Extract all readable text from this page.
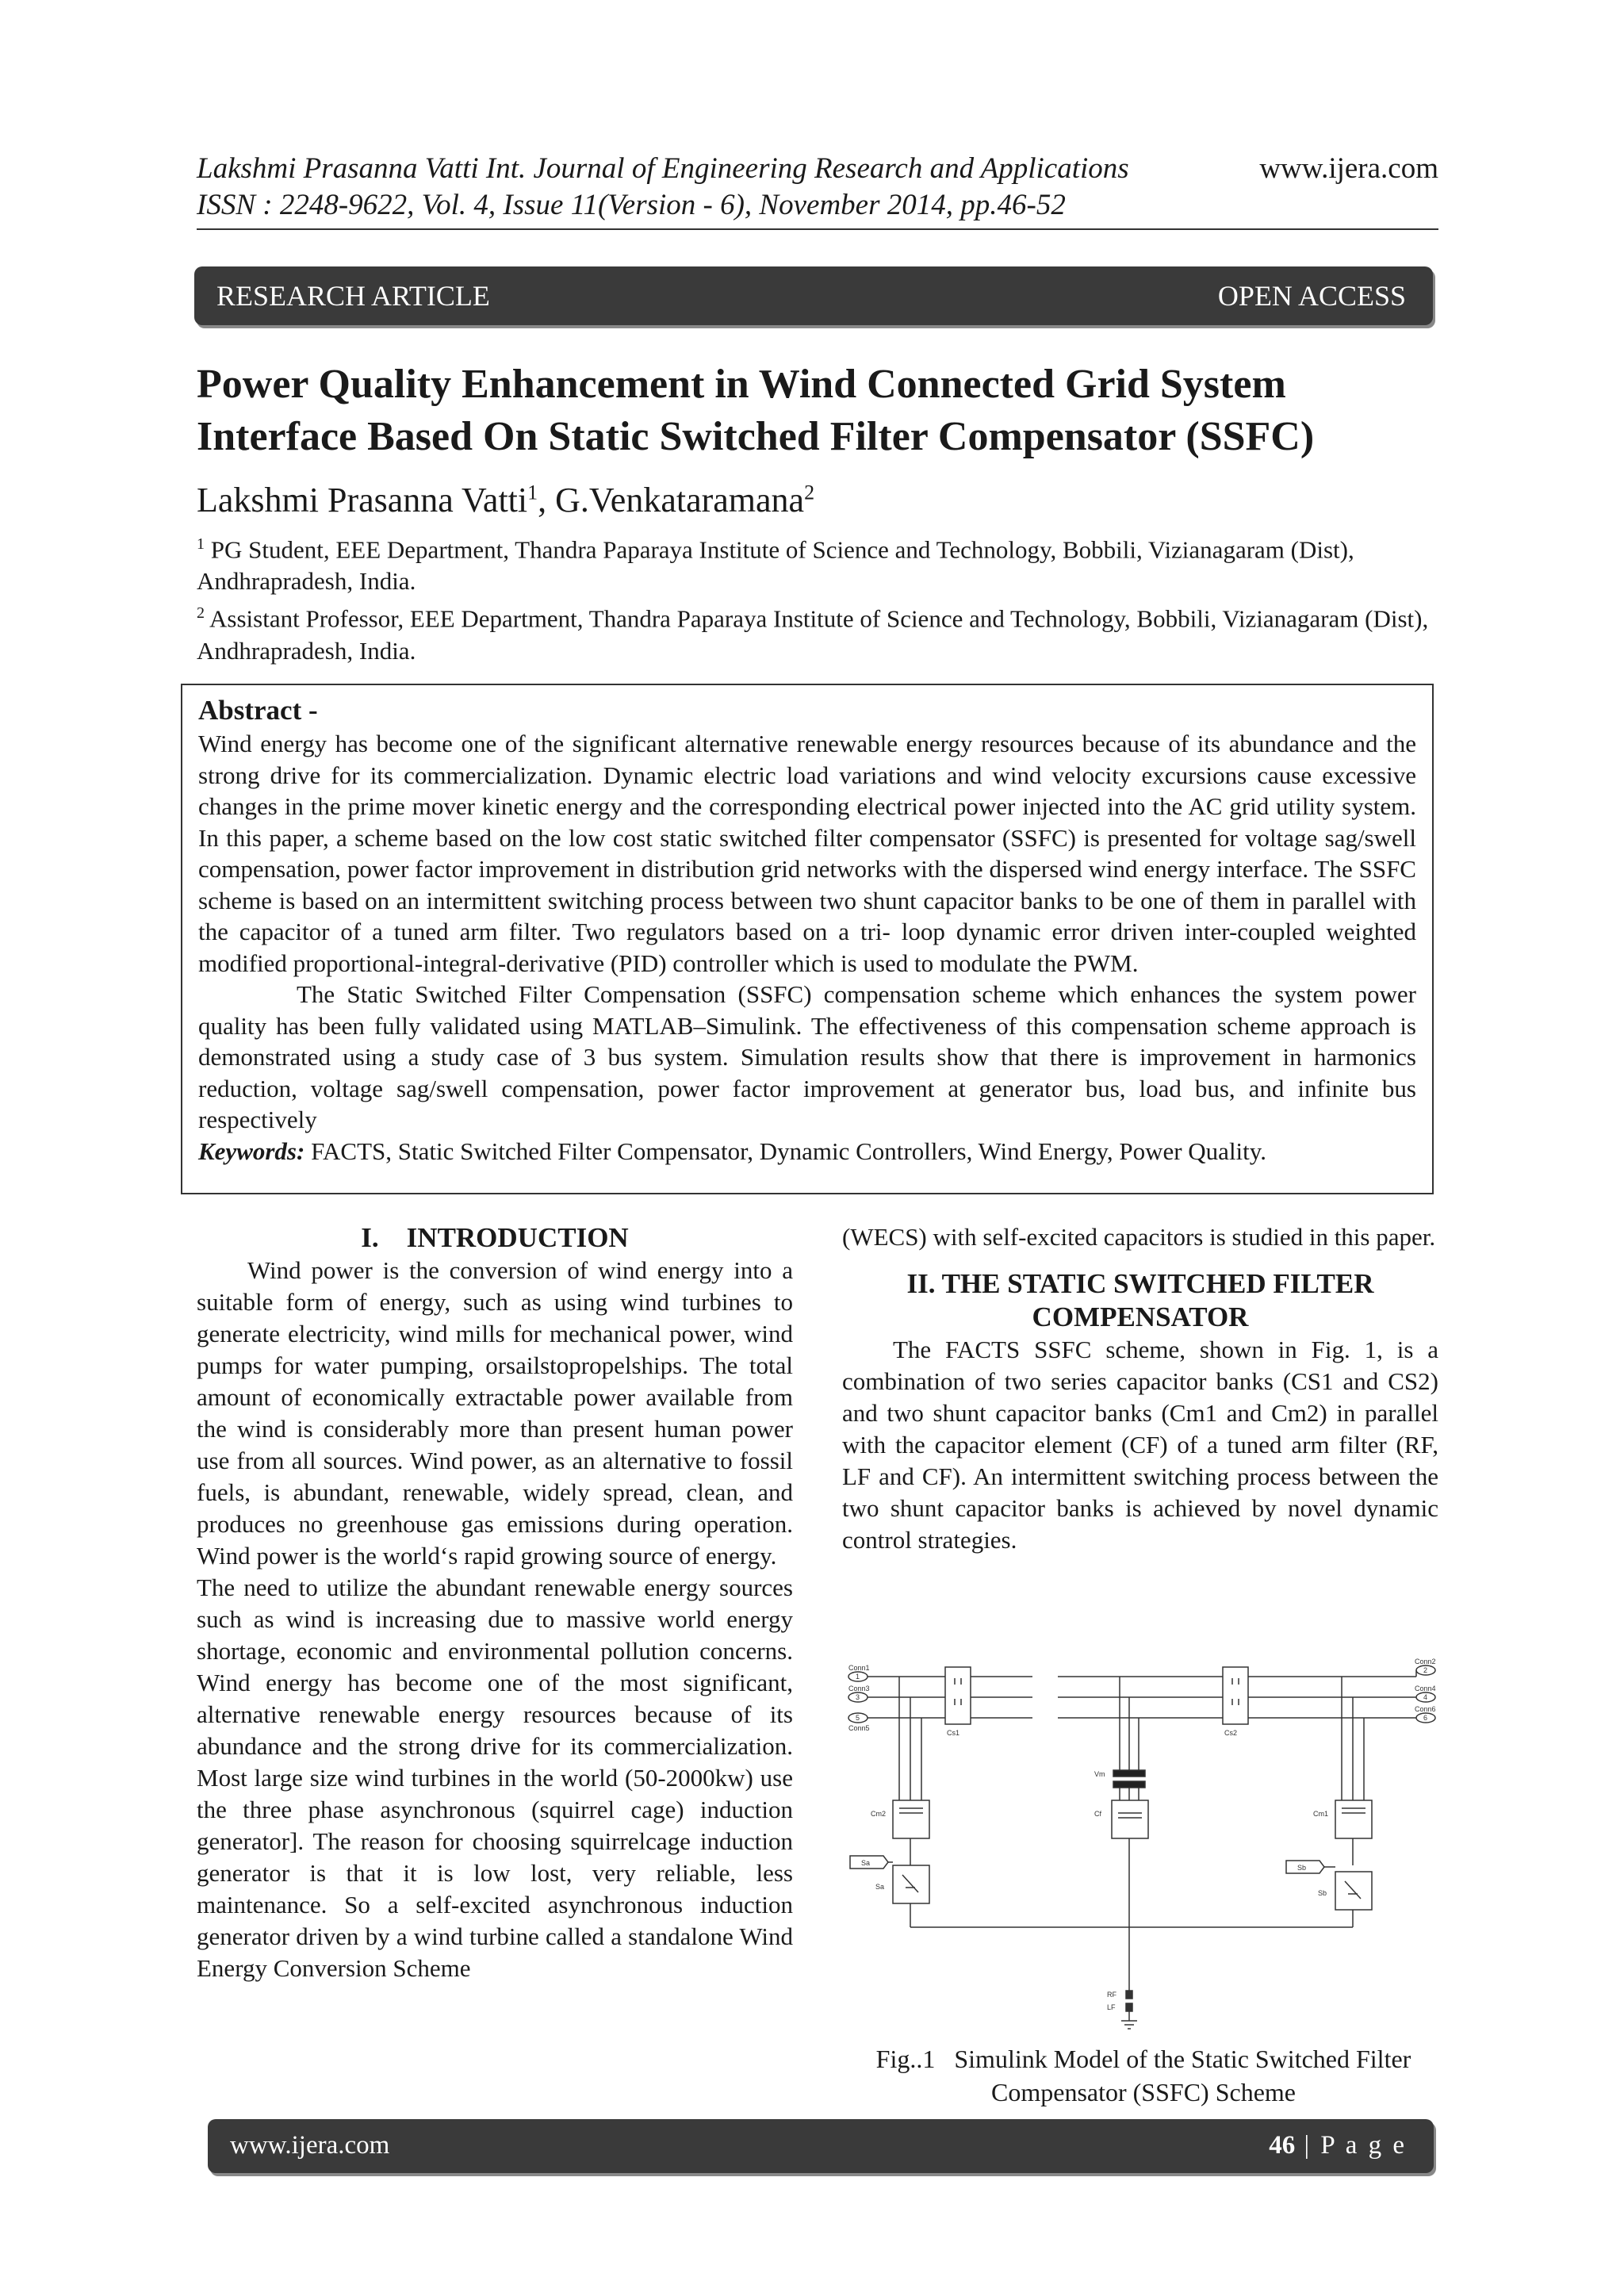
Lakshmi Prasanna Vatti Int. Journal of Engineering Research and Applications
ISSN : 2248-9622, Vol. 4, Issue 11(Version - 6), November 2014, pp.46-52
www.ijera.com
RESEARCH ARTICLE	OPEN ACCESS
Power Quality Enhancement in Wind Connected Grid System
Interface Based On Static Switched Filter Compensator (SSFC)
Lakshmi Prasanna Vatti$^1$, G.Venkataramana$^2$
$^1$ PG Student, EEE Department, Thandra Paparaya Institute of Science and Technology, Bobbili, Vizianagaram (Dist), Andhrapradesh, India.
$^2$ Assistant Professor, EEE Department, Thandra Paparaya Institute of Science and Technology, Bobbili, Vizianagaram (Dist), Andhrapradesh, India.
Abstract -

Wind energy has become one of the significant alternative renewable energy resources because of its abundance and the strong drive for its commercialization. Dynamic electric load variations and wind velocity excursions cause excessive changes in the prime mover kinetic energy and the corresponding electrical power injected into the AC grid utility system. In this paper, a scheme based on the low cost static switched filter compensator (SSFC) is presented for voltage sag/swell compensation, power factor improvement in distribution grid networks with the dispersed wind energy interface. The SSFC scheme is based on an intermittent switching process between two shunt capacitor banks to be one of them in parallel with the capacitor of a tuned arm filter. Two regulators based on a tri- loop dynamic error driven inter-coupled weighted modified proportional-integral-derivative (PID) controller which is used to modulate the PWM.

The Static Switched Filter Compensation (SSFC) compensation scheme which enhances the system power quality has been fully validated using MATLAB–Simulink. The effectiveness of this compensation scheme approach is demonstrated using a study case of 3 bus system. Simulation results show that there is improvement in harmonics reduction, voltage sag/swell compensation, power factor improvement at generator bus, load bus, and infinite bus respectively

Keywords: FACTS, Static Switched Filter Compensator, Dynamic Controllers, Wind Energy, Power Quality.

I.    INTRODUCTION

Wind power is the conversion of wind energy into a suitable form of energy, such as using wind turbines to generate electricity, wind mills for mechanical power, wind pumps for water pumping, orsailstopropelships. The total amount of economically extractable power available from the wind is considerably more than present human power use from all sources. Wind power, as an alternative to fossil fuels, is abundant, renewable, widely spread, clean, and produces no greenhouse gas emissions during operation. Wind power is the world‘s rapid growing source of energy.

The need to utilize the abundant renewable energy sources such as wind is increasing due to massive world energy shortage, economic and environmental pollution concerns. Wind energy has become one of the most significant, alternative renewable energy resources because of its abundance and the strong drive for its commercialization. Most large size wind turbines in the world (50-2000kw) use the three phase asynchronous (squirrel cage) induction generator]. The reason for choosing squirrelcage induction generator is that it is low lost, very reliable, less maintenance. So a self-excited asynchronous induction generator driven by a wind turbine called a standalone Wind Energy Conversion Scheme

(WECS) with self-excited capacitors is studied in this paper.

II. THE STATIC SWITCHED FILTER
COMPENSATOR

The FACTS SSFC scheme, shown in Fig. 1, is a combination of two series capacitor banks (CS1 and CS2) and two shunt capacitor banks (Cm1 and Cm2) in parallel with the capacitor element (CF) of a tuned arm filter (RF, LF and CF). An intermittent switching process between the two shunt capacitor banks is achieved by novel dynamic control strategies.

Conn1
1
Conn3
3
5
Conn5
Conn2
2
Conn4
4
Conn6
6
Cs1	Cs2
Cm2
Sa
Sa
Vm
Cf	Cm1
Sb
Sb
RF
LF
Fig..1   Simulink Model of the Static Switched Filter
Compensator (SSFC) Scheme
www.ijera.com	46 | P a g e
